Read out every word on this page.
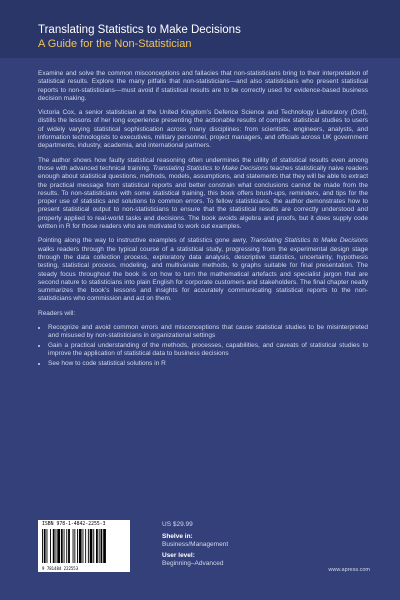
Translating Statistics to Make Decisions
A Guide for the Non-Statistician

Examine and solve the common misconceptions and fallacies that non-statisticians bring to their interpretation of statistical results. Explore the many pitfalls that non-statisticians—and also statisticians who present statistical reports to non-statisticians—must avoid if statistical results are to be correctly used for evidence-based business decision making.

Victoria Cox, a senior statistician at the United Kingdom’s Defence Science and Technology Laboratory (Dstl), distills the lessons of her long experience presenting the actionable results of complex statistical studies to users of widely varying statistical sophistication across many disciplines: from scientists, engineers, analysts, and information technologists to executives, military personnel, project managers, and officials across UK government departments, industry, academia, and international partners.

The author shows how faulty statistical reasoning often undermines the utility of statistical results even among those with advanced technical training. Translating Statistics to Make Decisions teaches statistically naive readers enough about statistical questions, methods, models, assumptions, and statements that they will be able to extract the practical message from statistical reports and better constrain what conclusions cannot be made from the results. To non-statisticians with some statistical training, this book offers brush-ups, reminders, and tips for the proper use of statistics and solutions to common errors. To fellow statisticians, the author demonstrates how to present statistical output to non-statisticians to ensure that the statistical results are correctly understood and properly applied to real-world tasks and decisions. The book avoids algebra and proofs, but it does supply code written in R for those readers who are motivated to work out examples.

Pointing along the way to instructive examples of statistics gone awry, Translating Statistics to Make Decisions walks readers through the typical course of a statistical study, progressing from the experimental design stage through the data collection process, exploratory data analysis, descriptive statistics, uncertainty, hypothesis testing, statistical process, modeling, and multivariate methods, to graphs suitable for final presentation. The steady focus throughout the book is on how to turn the mathematical artefacts and specialist jargon that are second nature to statisticians into plain English for corporate customers and stakeholders. The final chapter neatly summarizes the book’s lessons and insights for accurately communicating statistical reports to the non-statisticians who commission and act on them.

Readers will:

• Recognize and avoid common errors and misconceptions that cause statistical studies to be misinterpreted and misused by non-statisticians in organizational settings
• Gain a practical understanding of the methods, processes, capabilities, and caveats of statistical studies to improve the application of statistical data to business decisions
• See how to code statistical solutions in R
ISBN 978-1-4842-2255-3
9 781484 222553
US $29.99
Shelve in:
Business/Management
User level:
Beginning–Advanced
www.apress.com
